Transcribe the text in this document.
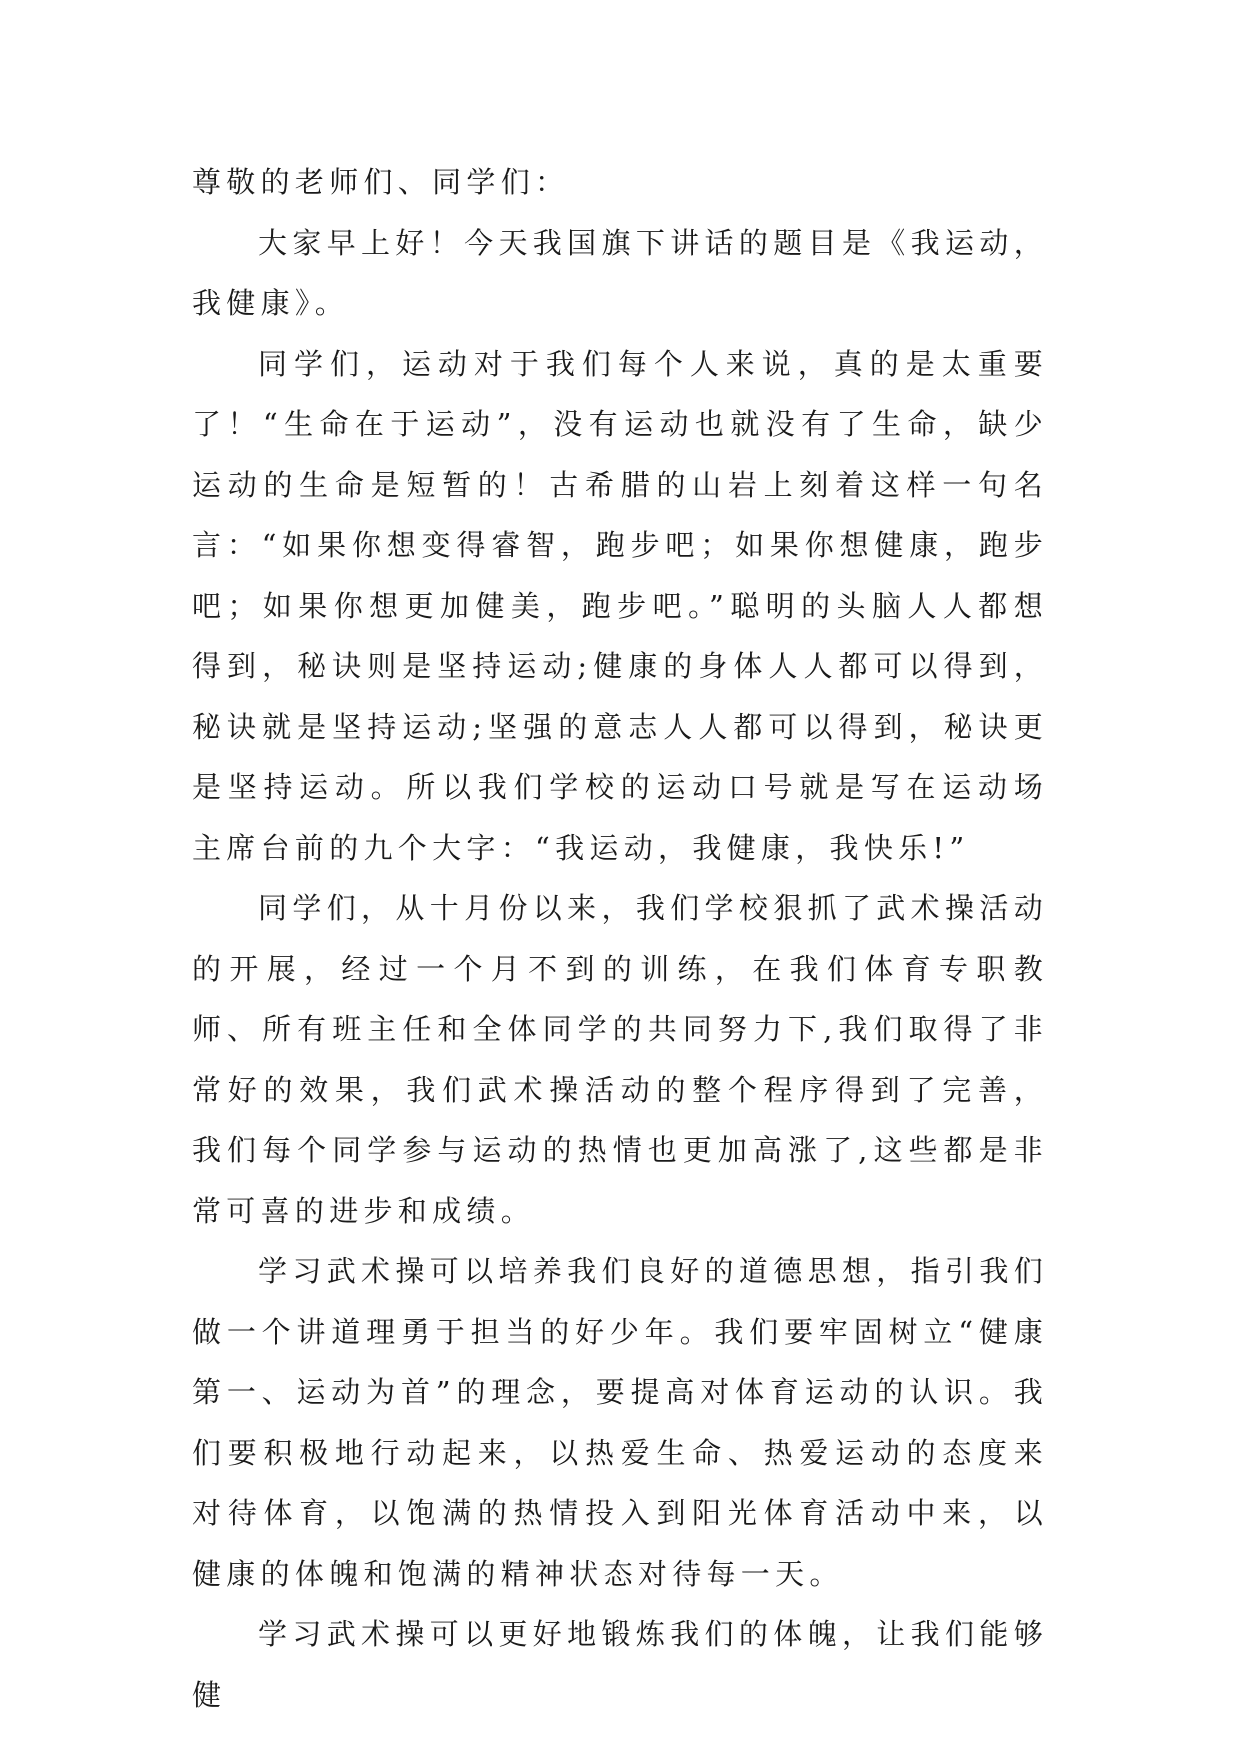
尊敬的老师们、同学们：

大家早上好！今天我国旗下讲话的题目是《我运动，我健康》。

同学们，运动对于我们每个人来说，真的是太重要了！“生命在于运动”，没有运动也就没有了生命，缺少运动的生命是短暂的！古希腊的山岩上刻着这样一句名言：“如果你想变得睿智，跑步吧；如果你想健康，跑步吧；如果你想更加健美，跑步吧。”聪明的头脑人人都想得到，秘诀则是坚持运动;健康的身体人人都可以得到，秘诀就是坚持运动;坚强的意志人人都可以得到，秘诀更是坚持运动。所以我们学校的运动口号就是写在运动场主席台前的九个大字：“我运动，我健康，我快乐!”

同学们，从十月份以来，我们学校狠抓了武术操活动的开展，经过一个月不到的训练，在我们体育专职教师、所有班主任和全体同学的共同努力下,我们取得了非常好的效果，我们武术操活动的整个程序得到了完善，我们每个同学参与运动的热情也更加高涨了,这些都是非常可喜的进步和成绩。

学习武术操可以培养我们良好的道德思想，指引我们做一个讲道理勇于担当的好少年。我们要牢固树立“健康第一、运动为首”的理念，要提高对体育运动的认识。我们要积极地行动起来，以热爱生命、热爱运动的态度来对待体育，以饱满的热情投入到阳光体育活动中来，以健康的体魄和饱满的精神状态对待每一天。

学习武术操可以更好地锻炼我们的体魄，让我们能够健
